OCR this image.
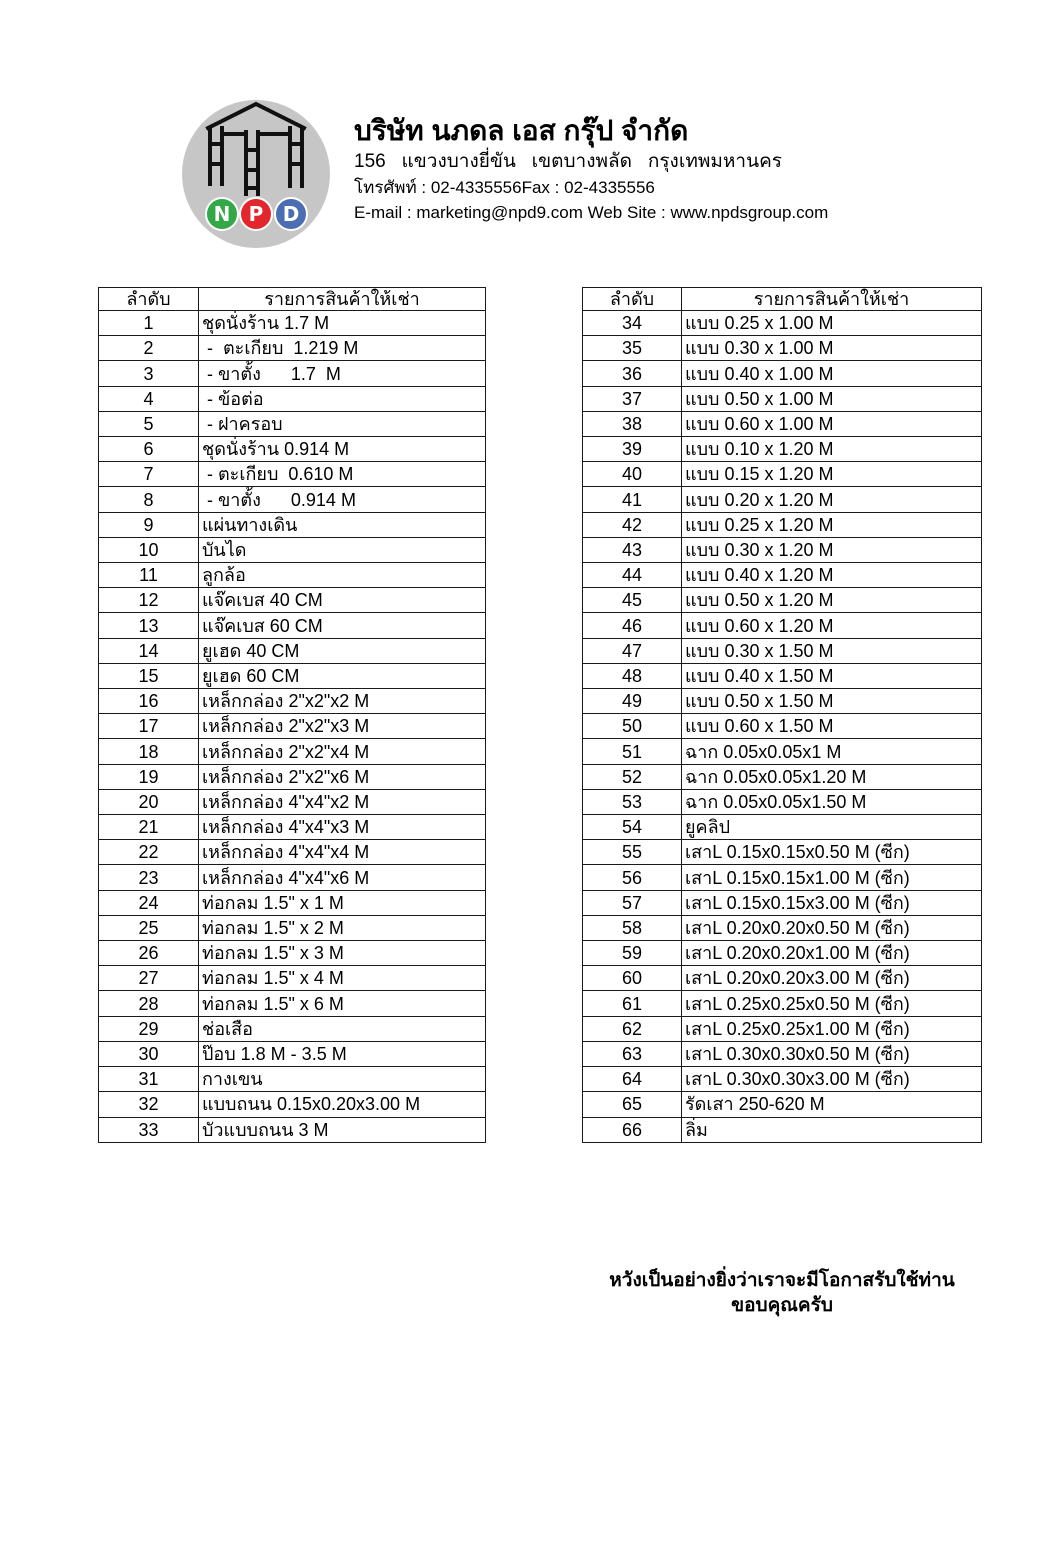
N P D
บริษัท นภดล เอส กรุ๊ป จำกัด
156   แขวงบางยี่ขัน   เขตบางพลัด   กรุงเทพมหานคร
โทรศัพท์ : 02-4335556Fax : 02-4335556
E-mail : marketing@npd9.com Web Site : www.npdsgroup.com
ลำดับ	รายการสินค้าให้เช่า
1	ชุดนั่งร้าน 1.7 M
2	-  ตะเกียบ  1.219 M
3	- ขาตั้ง      1.7  M
4	- ข้อต่อ
5	- ฝาครอบ
6	ชุดนั่งร้าน 0.914 M
7	- ตะเกียบ  0.610 M
8	- ขาตั้ง      0.914 M
9	แผ่นทางเดิน
10	บันได
11	ลูกล้อ
12	แจ๊คเบส 40 CM
13	แจ๊คเบส 60 CM
14	ยูเฮด 40 CM
15	ยูเฮด 60 CM
16	เหล็กกล่อง 2"x2"x2 M
17	เหล็กกล่อง 2"x2"x3 M
18	เหล็กกล่อง 2"x2"x4 M
19	เหล็กกล่อง 2"x2"x6 M
20	เหล็กกล่อง 4"x4"x2 M
21	เหล็กกล่อง 4"x4"x3 M
22	เหล็กกล่อง 4"x4"x4 M
23	เหล็กกล่อง 4"x4"x6 M
24	ท่อกลม 1.5" x 1 M
25	ท่อกลม 1.5" x 2 M
26	ท่อกลม 1.5" x 3 M
27	ท่อกลม 1.5" x 4 M
28	ท่อกลม 1.5" x 6 M
29	ช่อเสือ
30	ป๊อบ 1.8 M - 3.5 M
31	กางเขน
32	แบบถนน 0.15x0.20x3.00 M
33	บัวแบบถนน 3 M
ลำดับ	รายการสินค้าให้เช่า
34	แบบ 0.25 x 1.00 M
35	แบบ 0.30 x 1.00 M
36	แบบ 0.40 x 1.00 M
37	แบบ 0.50 x 1.00 M
38	แบบ 0.60 x 1.00 M
39	แบบ 0.10 x 1.20 M
40	แบบ 0.15 x 1.20 M
41	แบบ 0.20 x 1.20 M
42	แบบ 0.25 x 1.20 M
43	แบบ 0.30 x 1.20 M
44	แบบ 0.40 x 1.20 M
45	แบบ 0.50 x 1.20 M
46	แบบ 0.60 x 1.20 M
47	แบบ 0.30 x 1.50 M
48	แบบ 0.40 x 1.50 M
49	แบบ 0.50 x 1.50 M
50	แบบ 0.60 x 1.50 M
51	ฉาก 0.05x0.05x1 M
52	ฉาก 0.05x0.05x1.20 M
53	ฉาก 0.05x0.05x1.50 M
54	ยูคลิป
55	เสาL 0.15x0.15x0.50 M (ซีก)
56	เสาL 0.15x0.15x1.00 M (ซีก)
57	เสาL 0.15x0.15x3.00 M (ซีก)
58	เสาL 0.20x0.20x0.50 M (ซีก)
59	เสาL 0.20x0.20x1.00 M (ซีก)
60	เสาL 0.20x0.20x3.00 M (ซีก)
61	เสาL 0.25x0.25x0.50 M (ซีก)
62	เสาL 0.25x0.25x1.00 M (ซีก)
63	เสาL 0.30x0.30x0.50 M (ซีก)
64	เสาL 0.30x0.30x3.00 M (ซีก)
65	รัดเสา 250-620 M
66	ลิ่ม
หวังเป็นอย่างยิ่งว่าเราจะมีโอกาสรับใช้ท่าน
ขอบคุณครับ
